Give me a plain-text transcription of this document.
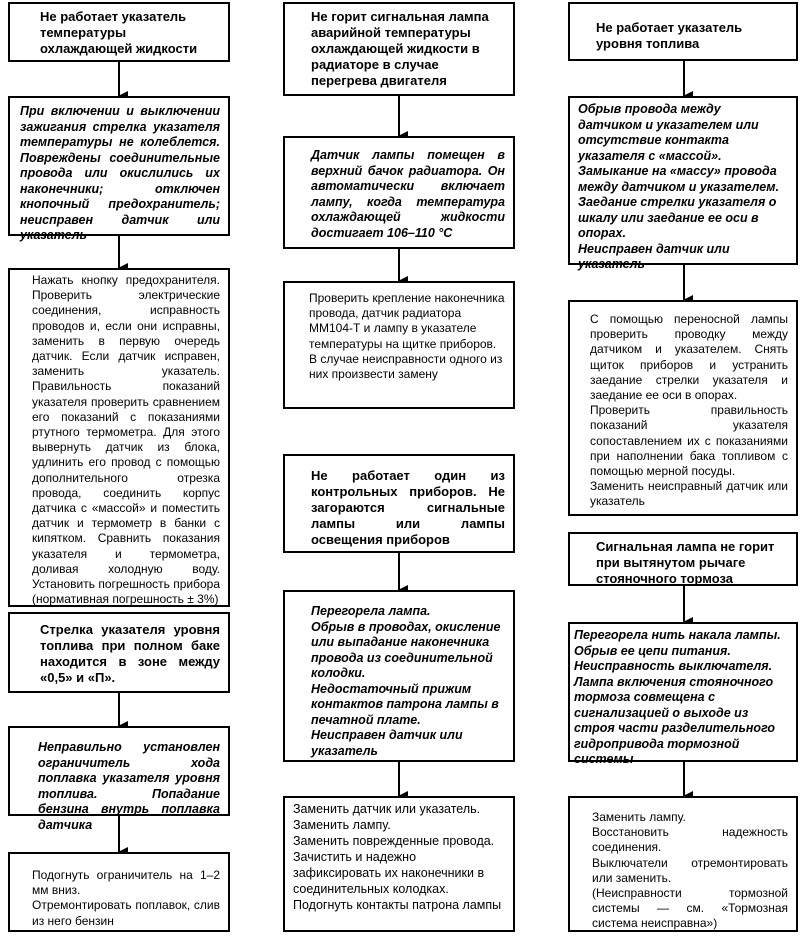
Не работает указатель температуры охлаждающей жидкости

При включении и выключении зажигания стрелка указателя температуры не колеблется. Повреждены соединительные провода или окислились их наконечники; отключен кнопочный предохранитель; неисправен датчик или указатель

Нажать кнопку предохранителя. Проверить электрические соединения, исправность проводов и, если они исправны, заменить в первую очередь датчик. Если датчик исправен, заменить указатель. Правильность показаний указателя проверить сравнением его показаний с показаниями ртутного термометра. Для этого вывернуть датчик из блока, удлинить его провод с помощью дополнительного отрезка провода, соединить корпус датчика с «массой» и поместить датчик и термометр в банки с кипятком. Сравнить показания указателя и термометра, доливая холодную воду. Установить погрешность прибора (нормативная погрешность ± 3%)

Стрелка указателя уровня топлива при полном баке находится в зоне между «0,5» и «П».

Неправильно установлен ограничитель хода поплавка указателя уровня топлива. Попадание бензина внутрь поплавка датчика

Подогнуть ограничитель на 1–2 мм вниз.

Отремонтировать поплавок, слив из него бензин

Не горит сигнальная лампа аварийной температуры охлаждающей жидкости в радиаторе в случае перегрева двигателя

Датчик лампы помещен в верхний бачок радиатора. Он автоматически включает лампу, когда температура охлаждающей жидкости достигает 106–110 °С

Проверить крепление наконечника провода, датчик радиатора ММ104-Т и лампу в указателе температуры на щитке приборов. В случае неисправности одного из них произвести замену

Не работает один из контрольных приборов. Не загораются сигнальные лампы или лампы освещения приборов

Перегорела лампа.

Обрыв в проводах, окисление или выпадание наконечника провода из соединительной колодки.

Недостаточный прижим контактов патрона лампы в печатной плате.

Неисправен датчик или указатель

Заменить датчик или указатель.

Заменить лампу.

Заменить поврежденные провода. Зачистить и надежно зафиксировать их наконечники в соединительных колодках.

Подогнуть контакты патрона лампы

Не работает указатель уровня топлива

Обрыв провода между датчиком и указателем или отсутствие контакта указателя с «массой».

Замыкание на «массу» провода между датчиком и указателем.

Заедание стрелки указателя о шкалу или заедание ее оси в опорах.

Неисправен датчик или указатель

С помощью переносной лампы проверить проводку между датчиком и указателем. Снять щиток приборов и устранить заедание стрелки указателя и заедание ее оси в опорах.

Проверить правильность показаний указателя сопоставлением их с показаниями при наполнении бака топливом с помощью мерной посуды.

Заменить неисправный датчик или указатель

Сигнальная лампа не горит при вытянутом рычаге стояночного тормоза

Перегорела нить накала лампы.

Обрыв ее цепи питания.

Неисправность выключателя.

Лампа включения стояночного тормоза совмещена с сигнализацией о выходе из строя части разделительного гидропривода тормозной системы

Заменить лампу.

Восстановить надежность соединения.

Выключатели отремонтировать или заменить.

(Неисправности тормозной системы — см. «Тормозная система неисправна»)
